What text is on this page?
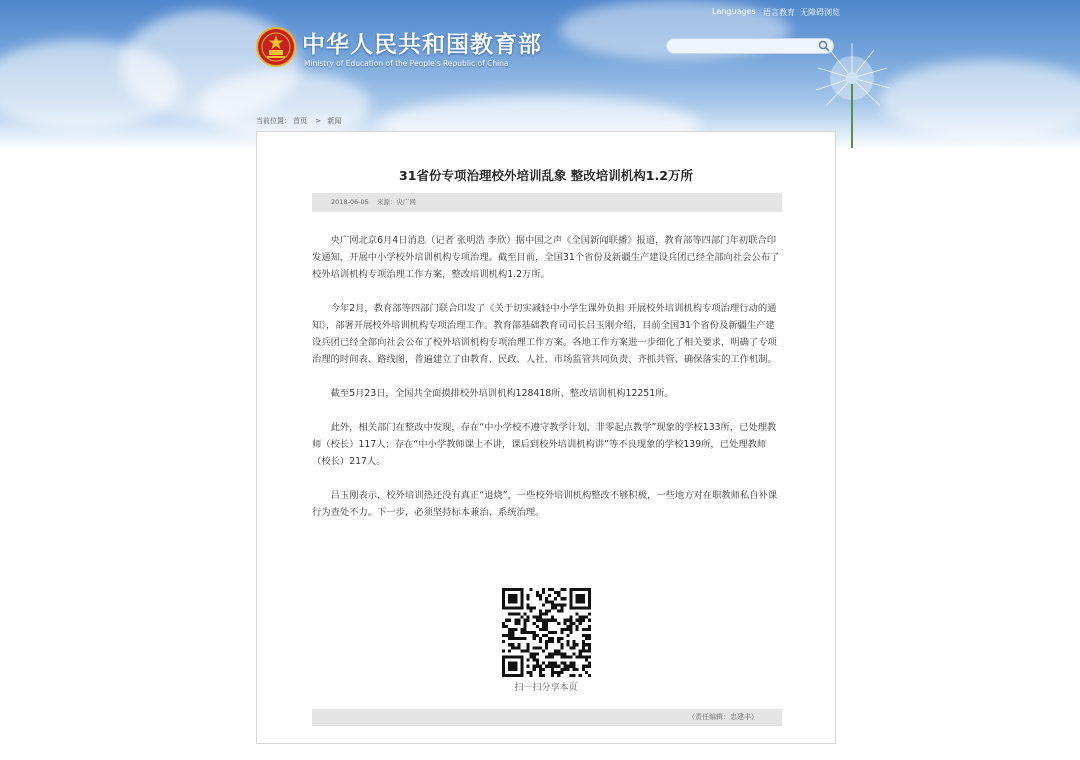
Languages 语言教育 无障碍浏览
中华人民共和国教育部
Ministry of Education of the People's Republic of China
当前位置： 首页 > 新闻
31省份专项治理校外培训乱象 整改培训机构1.2万所
2018-06-05 来源：央广网

央广网北京6月4日消息（记者 张明浩 李欣）据中国之声《全国新闻联播》报道，教育部等四部门年初联合印发通知，开展中小学校外培训机构专项治理。截至目前，全国31个省份及新疆生产建设兵团已经全部向社会公布了校外培训机构专项治理工作方案，整改培训机构1.2万所。

今年2月，教育部等四部门联合印发了《关于切实减轻中小学生课外负担 开展校外培训机构专项治理行动的通知》，部署开展校外培训机构专项治理工作。教育部基础教育司司长吕玉刚介绍，目前全国31个省份及新疆生产建设兵团已经全部向社会公布了校外培训机构专项治理工作方案。各地工作方案进一步细化了相关要求，明确了专项治理的时间表、路线图，普遍建立了由教育、民政、人社、市场监管共同负责、齐抓共管、确保落实的工作机制。

截至5月23日，全国共全面摸排校外培训机构128418所、整改培训机构12251所。

此外，相关部门在整改中发现，存在“中小学校不遵守教学计划、非零起点教学”现象的学校133所，已处理教师（校长）117人；存在“中小学教师课上不讲，课后到校外培训机构讲”等不良现象的学校139所，已处理教师（校长）217人。

吕玉刚表示，校外培训热还没有真正“退烧”，一些校外培训机构整改不够积极，一些地方对在职教师私自补课行为查处不力。下一步，必须坚持标本兼治、系统治理。

扫一扫分享本页
（责任编辑：忠建丰）
